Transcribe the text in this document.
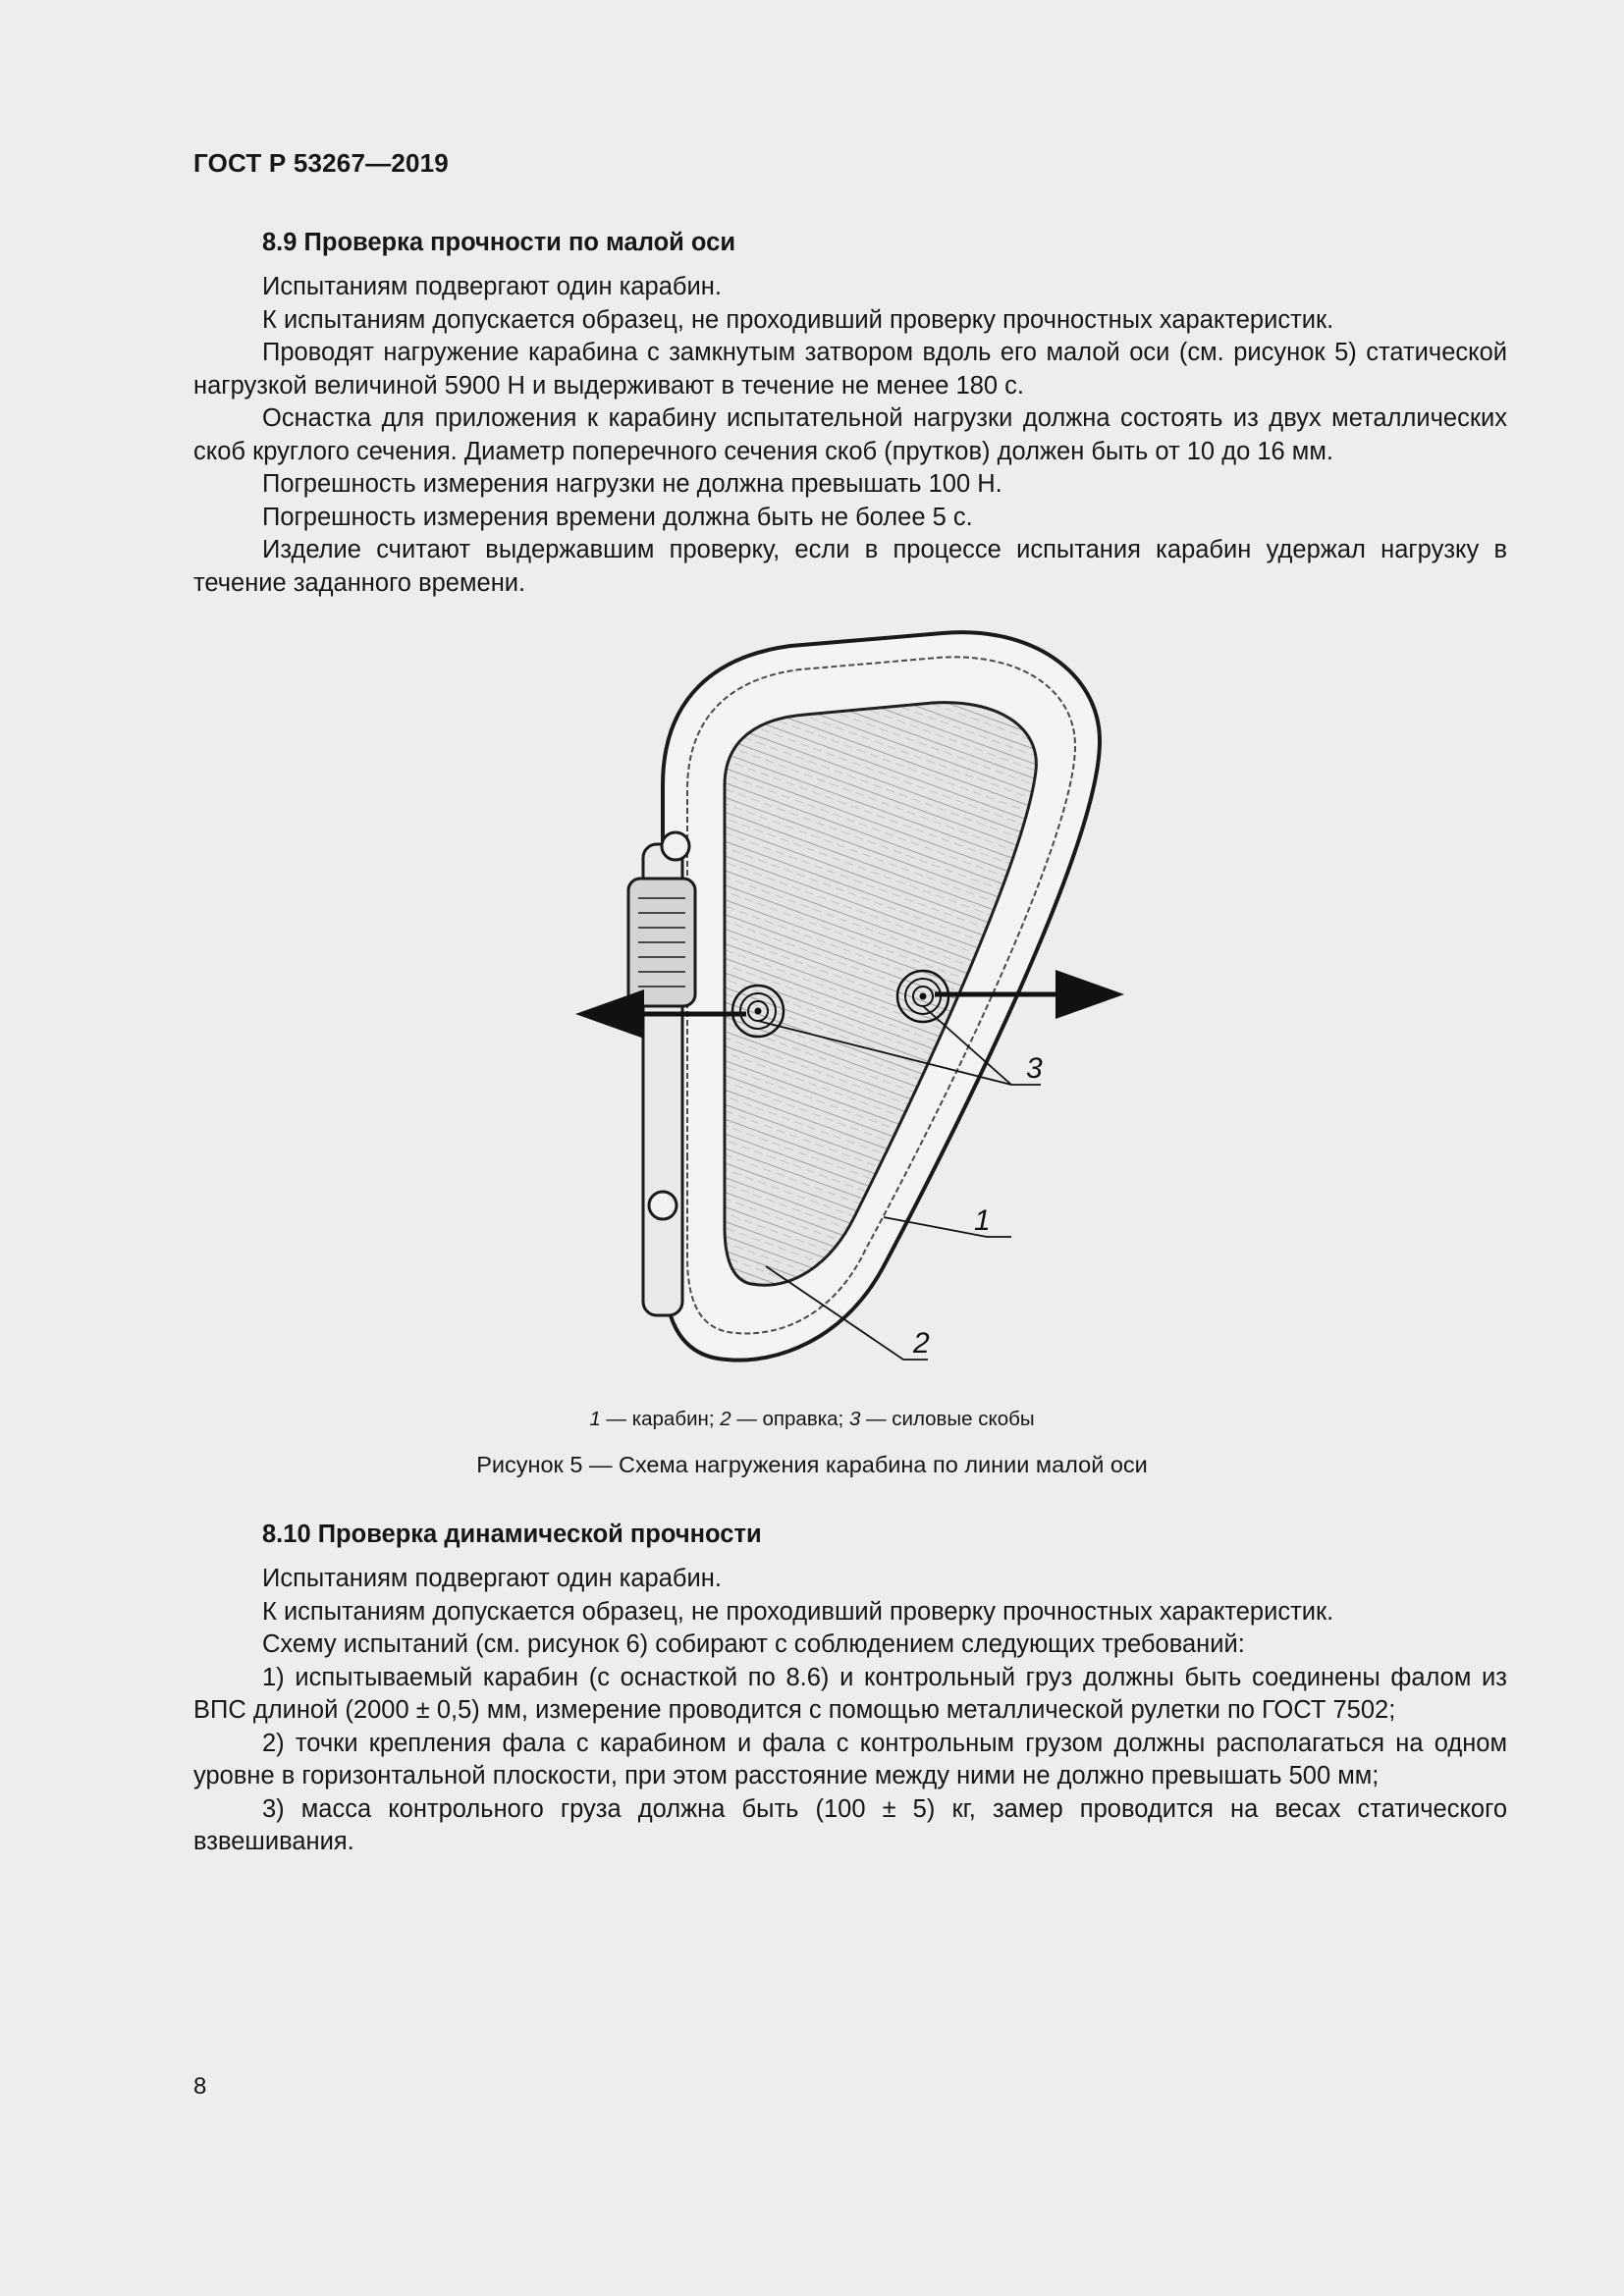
ГОСТ Р 53267—2019
8.9 Проверка прочности по малой оси

Испытаниям подвергают один карабин.

К испытаниям допускается образец, не проходивший проверку прочностных характеристик.

Проводят нагружение карабина с замкнутым затвором вдоль его малой оси (см. рисунок 5) статической нагрузкой величиной 5900 Н и выдерживают в течение не менее 180 с.

Оснастка для приложения к карабину испытательной нагрузки должна состоять из двух металлических скоб круглого сечения. Диаметр поперечного сечения скоб (прутков) должен быть от 10 до 16 мм.

Погрешность измерения нагрузки не должна превышать 100 Н.

Погрешность измерения времени должна быть не более 5 с.

Изделие считают выдержавшим проверку, если в процессе испытания карабин удержал нагрузку в течение заданного времени.

3
1
2
1 — карабин; 2 — оправка; 3 — силовые скобы
Рисунок 5 — Схема нагружения карабина по линии малой оси
8.10 Проверка динамической прочности

Испытаниям подвергают один карабин.

К испытаниям допускается образец, не проходивший проверку прочностных характеристик.

Схему испытаний (см. рисунок 6) собирают с соблюдением следующих требований:

1) испытываемый карабин (с оснасткой по 8.6) и контрольный груз должны быть соединены фалом из ВПС длиной (2000 ± 0,5) мм, измерение проводится с помощью металлической рулетки по ГОСТ 7502;

2) точки крепления фала с карабином и фала с контрольным грузом должны располагаться на одном уровне в горизонтальной плоскости, при этом расстояние между ними не должно превышать 500 мм;

3) масса контрольного груза должна быть (100 ± 5) кг, замер проводится на весах статического взвешивания.

8
